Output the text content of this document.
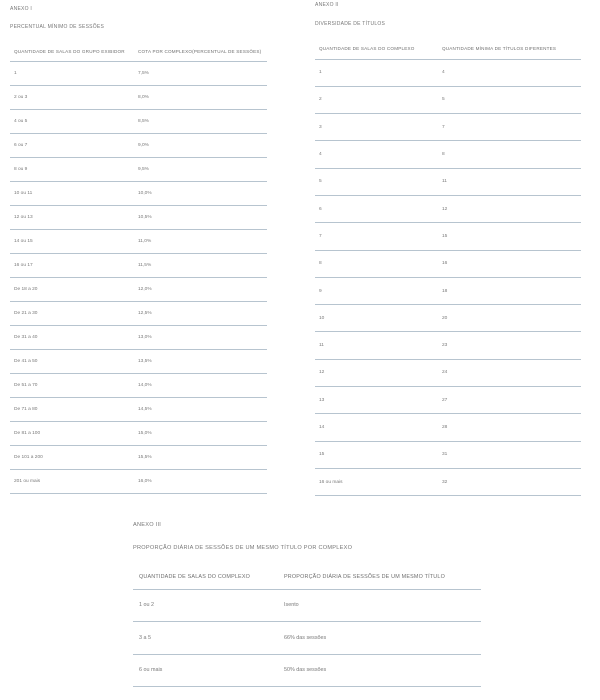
ANEXO I
PERCENTUAL MÍNIMO DE SESSÕES
QUANTIDADE DE SALAS DO GRUPO EXIBIDOR	COTA POR COMPLEXO(PERCENTUAL DE SESSÕES)
1	7,5%
2 ou 3	8,0%
4 ou 5	8,5%
6 ou 7	9,0%
8 ou 9	9,5%
10 ou 11	10,0%
12 ou 13	10,5%
14 ou 15	11,0%
16 ou 17	11,5%
De 18 a 20	12,0%
De 21 a 30	12,5%
De 31 a 40	13,0%
De 41 a 50	13,5%
De 51 a 70	14,0%
De 71 a 80	14,5%
De 81 a 100	15,0%
De 101 a 200	15,5%
201 ou mais	16,0%
ANEXO II
DIVERSIDADE DE TÍTULOS
QUANTIDADE DE SALAS DO COMPLEXO	QUANTIDADE MÍNIMA DE TÍTULOS DIFERENTES
1	4
2	5
3	7
4	8
5	11
6	12
7	15
8	16
9	18
10	20
11	23
12	24
13	27
14	28
15	31
16 ou mais	32
ANEXO III
PROPORÇÃO DIÁRIA DE SESSÕES DE UM MESMO TÍTULO POR COMPLEXO
QUANTIDADE DE SALAS DO COMPLEXO	PROPORÇÃO DIÁRIA DE SESSÕES DE UM MESMO TÍTULO
1 ou 2	Isento
3 a 5	66% das sessões
6 ou mais	50% das sessões
